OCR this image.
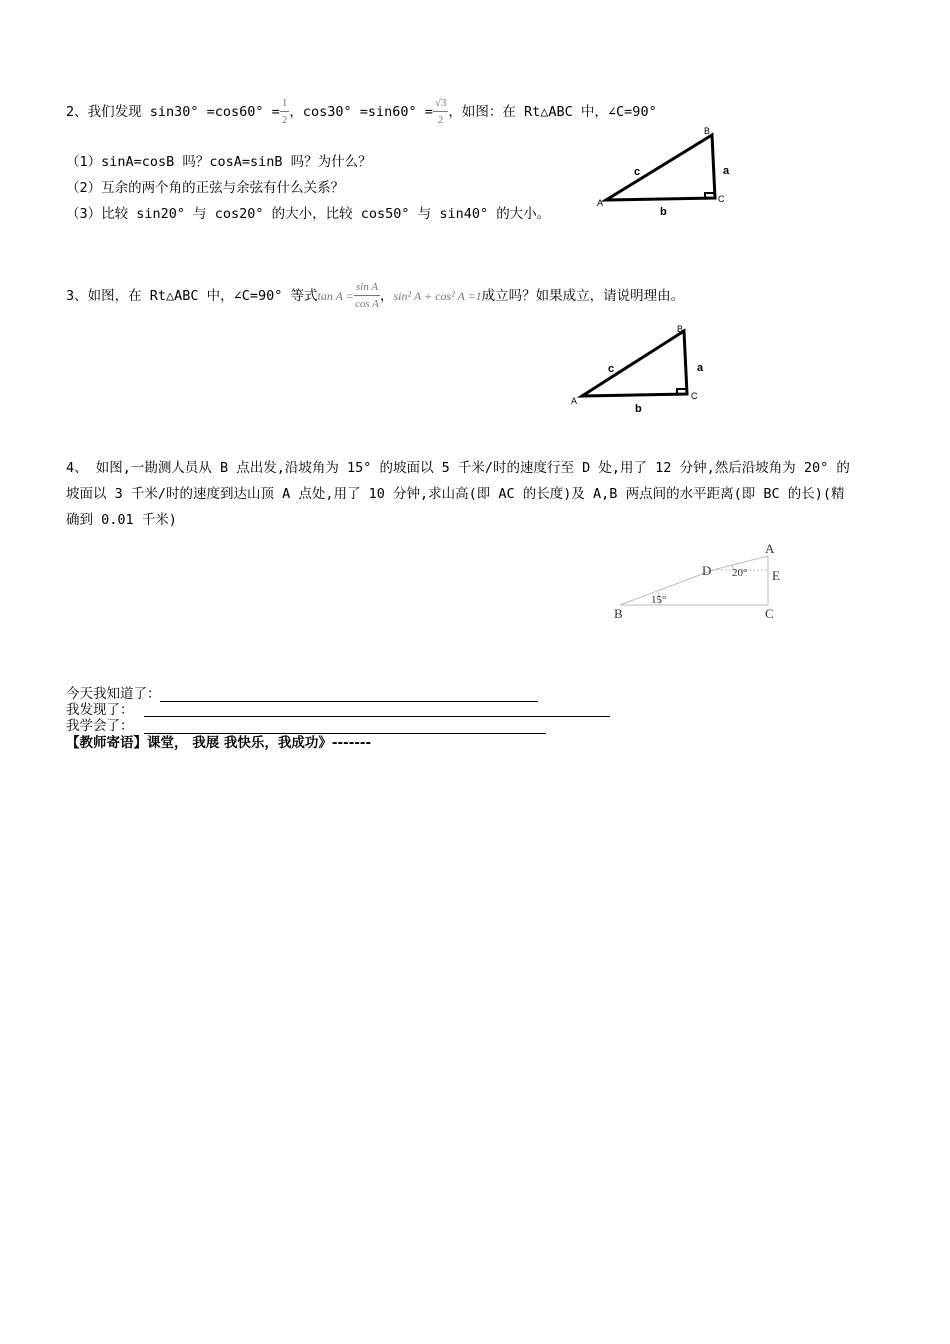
2、我们发现 $\sin 30^\circ =\cos 60^\circ = \frac{1}{2}$ ，$\cos 30^\circ =\sin 60^\circ = \frac{√3}{2}$ ，如图：在 Rt△ABC 中，∠C=90°
（1）sinA=cosB 吗？cosA=sinB 吗？为什么？
（2）互余的两个角的正弦与余弦有什么关系？
（3）比较 sin20° 与 cos20° 的大小，比较 cos50° 与 sin40° 的大小。
A
B
C
a
b
c
3、如图，在 Rt△ABC 中，∠C=90° 等式$\tan A = \frac{\text{sin A}}{\text{cos A}}$ ，sin² A + cos² A =1成立吗？如果成立，请说明理由。
A
B
C
a
b
c
4、 如图,一勘测人员从 B 点出发,沿坡角为 15° 的坡面以 5 千米/时的速度行至 D 处,用了 12 分钟,然后沿坡角为 20° 的
坡面以 3 千米/时的速度到达山顶 A 点处,用了 10 分钟,求山高(即 AC 的长度)及 A,B 两点间的水平距离(即 BC 的长)(精
确到 0.01 千米)
A
B	C
D	E
20°
15°
今天我知道了：
我发现了：
我学会了：
【教师寄语】课堂， 我展 我快乐，我成功》-------
